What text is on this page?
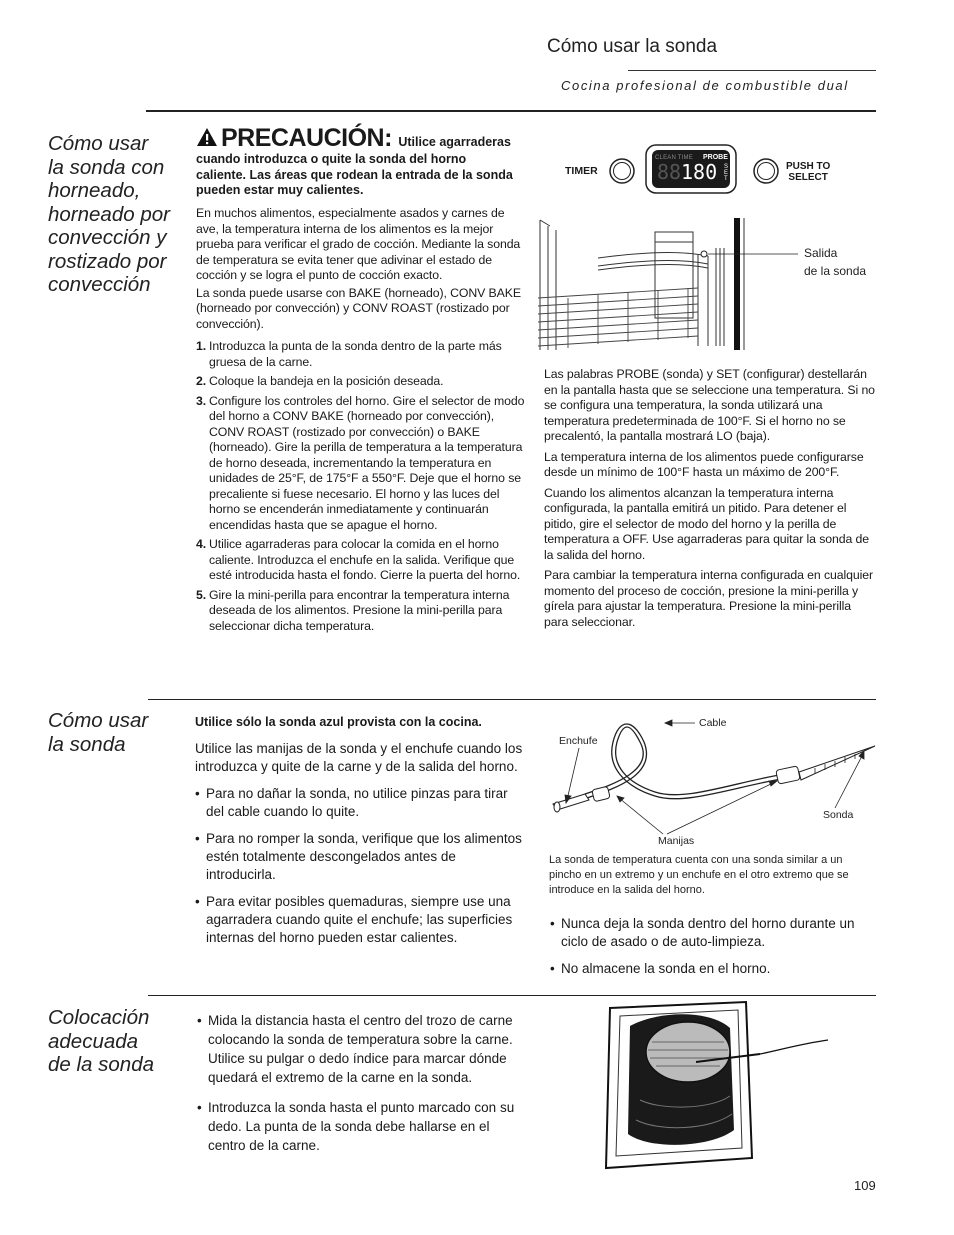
Cómo usar la sonda
Cocina profesional de combustible dual
Cómo usar
la sonda con
horneado,
horneado por
convección y
rostizado por
convección
PRECAUCIÓN: Utilice agarraderas
cuando introduzca o quite la sonda del horno caliente. Las áreas que rodean la entrada de la sonda pueden estar muy calientes.

En muchos alimentos, especialmente asados y carnes de ave, la temperatura interna de los alimentos es la mejor prueba para verificar el grado de cocción. Mediante la sonda de temperatura se evita tener que adivinar el estado de cocción y se logra el punto de cocción exacto.

La sonda puede usarse con BAKE (horneado), CONV BAKE (horneado por convección) y CONV ROAST (rostizado por convección).

1. Introduzca la punta de la sonda dentro de la parte más gruesa de la carne.
2. Coloque la bandeja en la posición deseada.
3. Configure los controles del horno. Gire el selector de modo del horno a CONV BAKE (horneado por convección), CONV ROAST (rostizado por convección) o BAKE (horneado). Gire la perilla de temperatura a la temperatura de horno deseada, incrementando la temperatura en unidades de 25°F, de 175°F a 550°F. Deje que el horno se precaliente si fuese necesario. El horno y las luces del horno se encenderán inmediatamente y continuarán encendidas hasta que se apague el horno.
4. Utilice agarraderas para colocar la comida en el horno caliente. Introduzca el enchufe en la salida. Verifique que esté introducida hasta el fondo. Cierre la puerta del horno.
5. Gire la mini-perilla para encontrar la temperatura interna deseada de los alimentos. Presione la mini-perilla para seleccionar dicha temperatura.
TIMER
CLEAN TIME PROBE
88 180 SET
PUSH TO
SELECT
Salida
de la sonda

Las palabras PROBE (sonda) y SET (configurar) destellarán en la pantalla hasta que se seleccione una temperatura. Si no se configura una temperatura, la sonda utilizará una temperatura predeterminada de 100°F. Si el horno no se precalentó, la pantalla mostrará LO (baja).

La temperatura interna de los alimentos puede configurarse desde un mínimo de 100°F hasta un máximo de 200°F.

Cuando los alimentos alcanzan la temperatura interna configurada, la pantalla emitirá un pitido. Para detener el pitido, gire el selector de modo del horno y la perilla de temperatura a OFF. Use agarraderas para quitar la sonda de la salida del horno.

Para cambiar la temperatura interna configurada en cualquier momento del proceso de cocción, presione la mini-perilla y gírela para ajustar la temperatura. Presione la mini-perilla para seleccionar.

Cómo usar
la sonda

Utilice sólo la sonda azul provista con la cocina.

Utilice las manijas de la sonda y el enchufe cuando los introduzca y quite de la carne y de la salida del horno.

• Para no dañar la sonda, no utilice pinzas para tirar del cable cuando lo quite.
• Para no romper la sonda, verifique que los alimentos estén totalmente descongelados antes de introducirla.
• Para evitar posibles quemaduras, siempre use una agarradera cuando quite el enchufe; las superficies internas del horno pueden estar calientes.
Cable
Enchufe
Manijas
Sonda
La sonda de temperatura cuenta con una sonda similar a un pincho en un extremo y un enchufe en el otro extremo que se introduce en la salida del horno.
• Nunca deja la sonda dentro del horno durante un ciclo de asado o de auto-limpieza.
• No almacene la sonda en el horno.
Colocación
adecuada
de la sonda
• Mida la distancia hasta el centro del trozo de carne colocando la sonda de temperatura sobre la carne. Utilice su pulgar o dedo índice para marcar dónde quedará el extremo de la carne en la sonda.
• Introduzca la sonda hasta el punto marcado con su dedo. La punta de la sonda debe hallarse en el centro de la carne.
109
